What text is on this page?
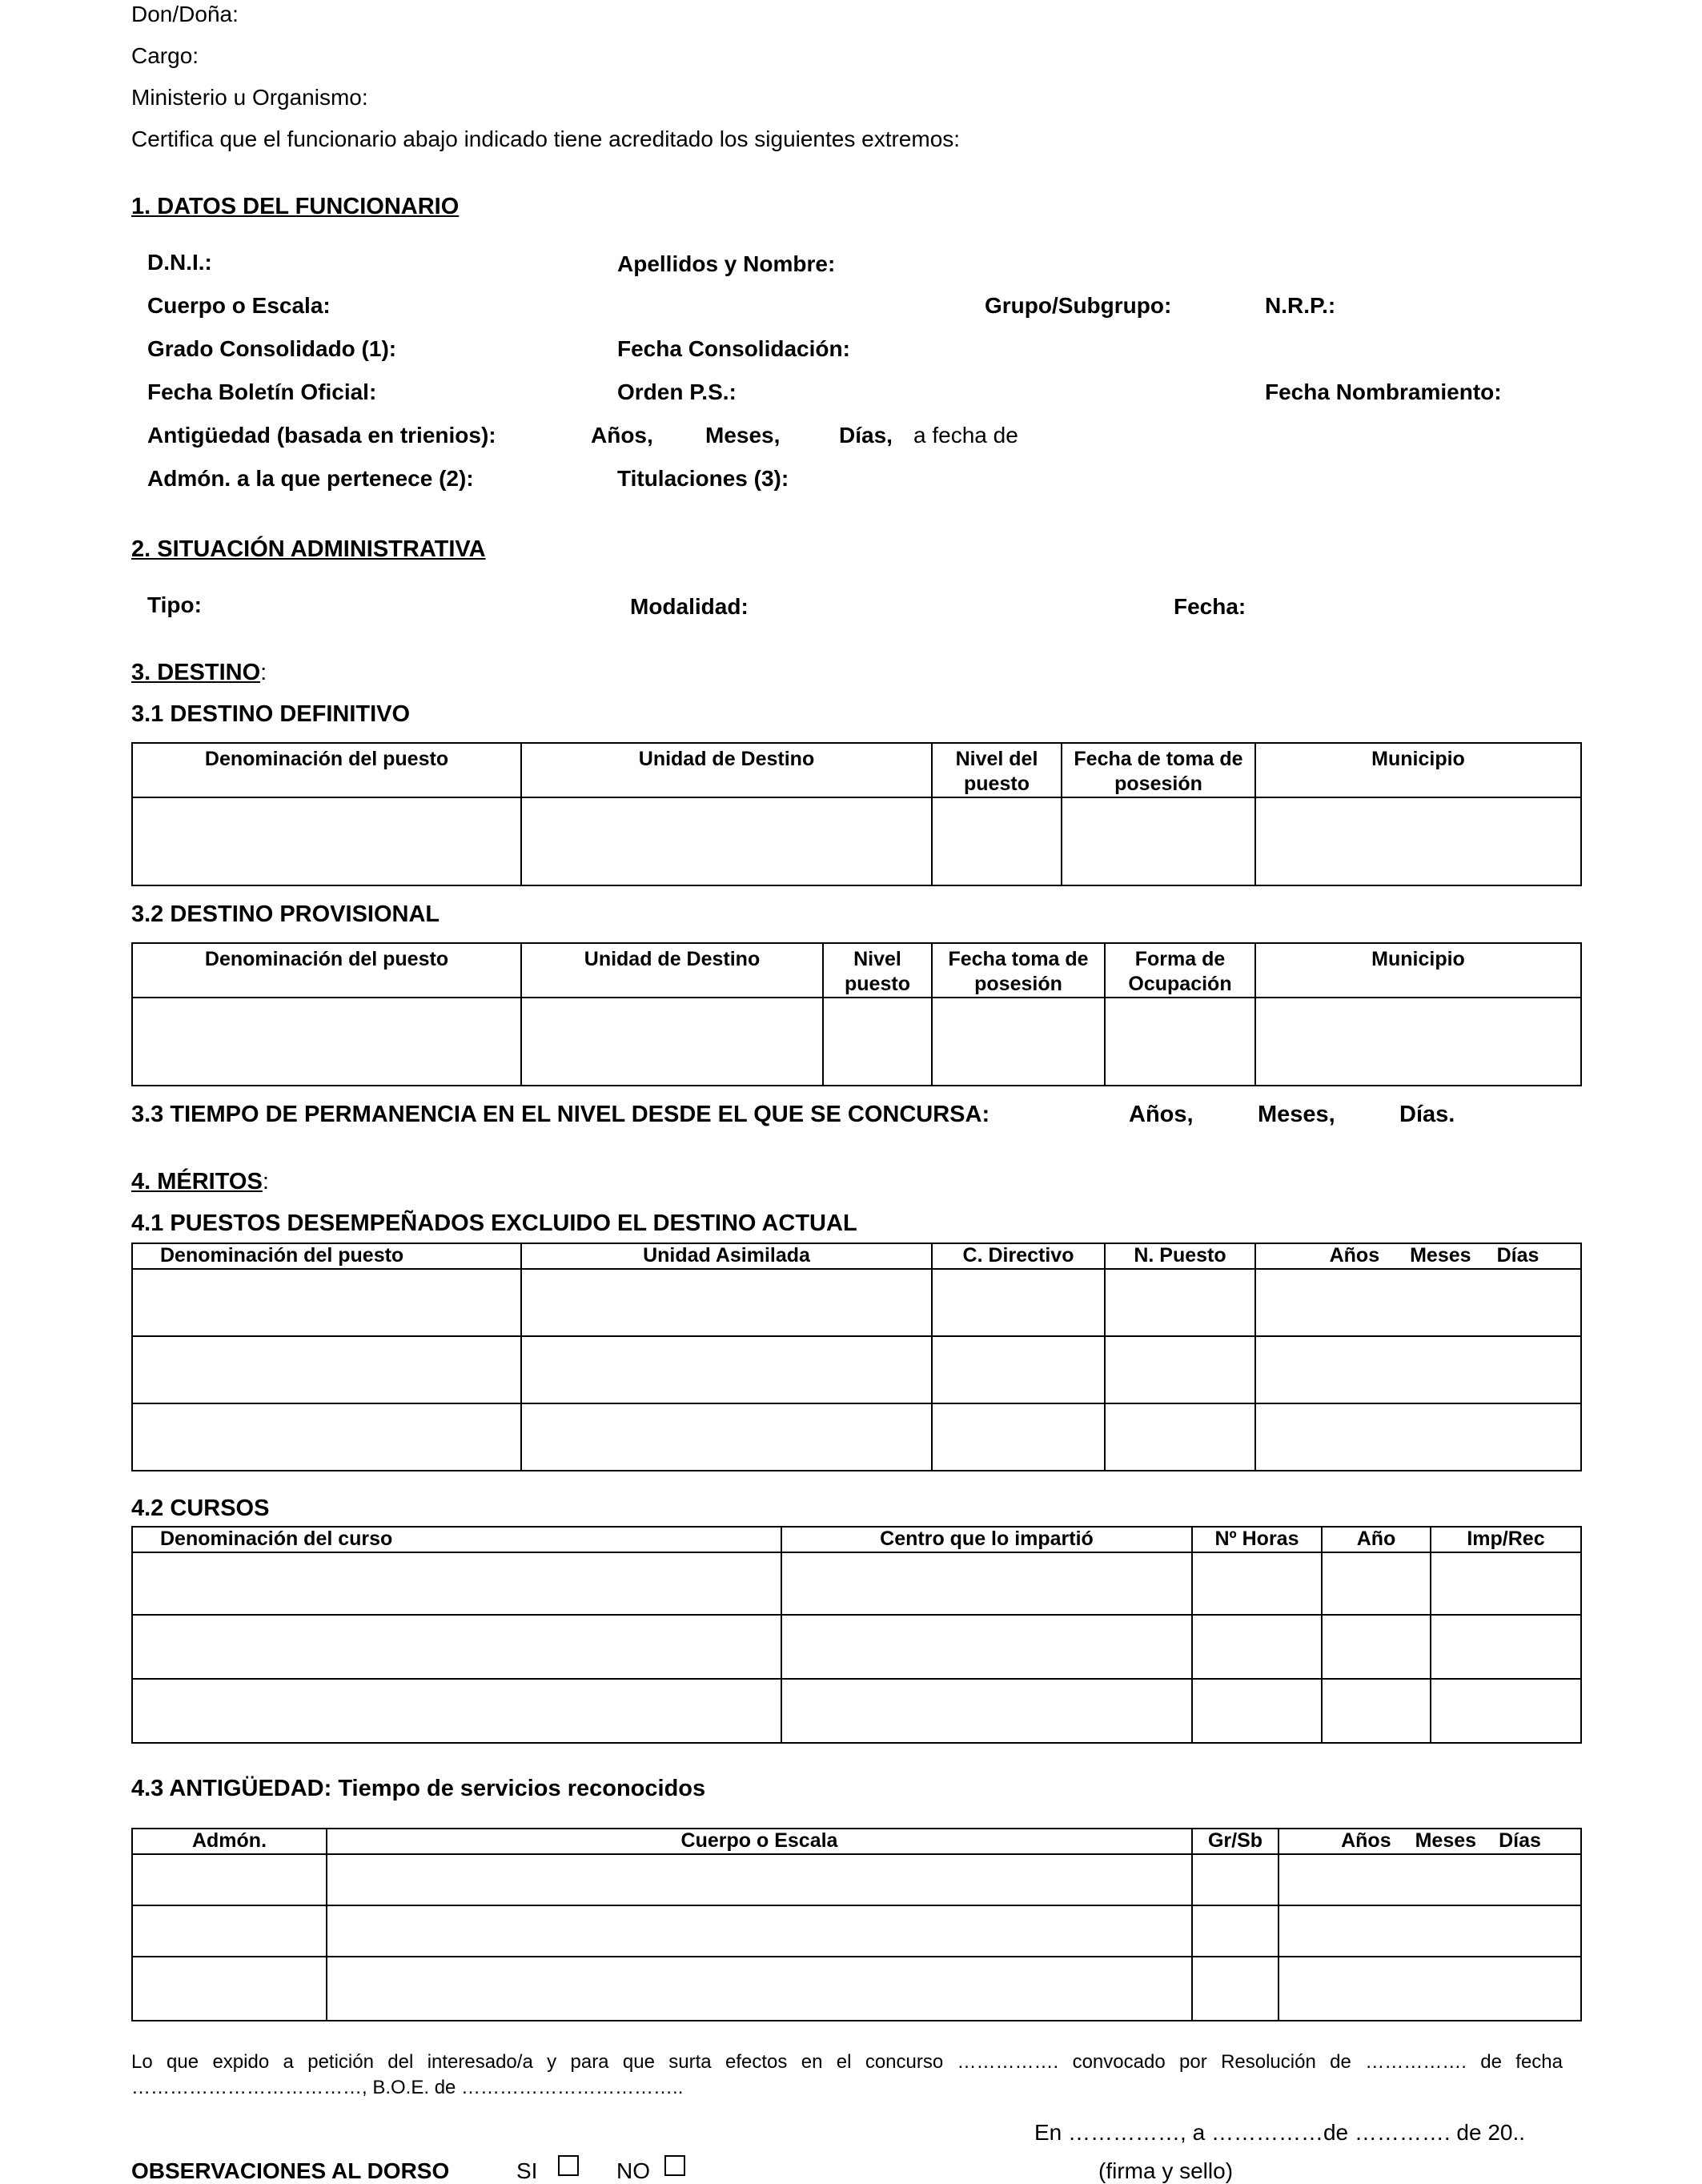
Don/Doña:
Cargo:
Ministerio u Organismo:
Certifica que el funcionario abajo indicado tiene acreditado los siguientes extremos:
1. DATOS DEL FUNCIONARIO
D.N.I.:	Apellidos y Nombre:
Cuerpo o Escala:	Grupo/Subgrupo:	N.R.P.:
Grado Consolidado (1):	Fecha Consolidación:
Fecha Boletín Oficial:	Orden P.S.:	Fecha Nombramiento:
Antigüedad (basada en trienios):	Años, Meses,	Días, a fecha de
Admón. a la que pertenece (2):	Titulaciones (3):
2. SITUACIÓN ADMINISTRATIVA
Tipo:	Modalidad:	Fecha:
3. DESTINO:
3.1 DESTINO DEFINITIVO
Denominación del puesto	Unidad de Destino	Nivel del puesto	Fecha de toma de posesión	Municipio

3.2 DESTINO PROVISIONAL
Denominación del puesto	Unidad de Destino	Nivel puesto	Fecha toma de posesión	Forma de Ocupación	Municipio

3.3 TIEMPO DE PERMANENCIA EN EL NIVEL DESDE EL QUE SE CONCURSA:	Años,	Meses,	Días.
4. MÉRITOS:
4.1 PUESTOS DESEMPEÑADOS EXCLUIDO EL DESTINO ACTUAL
Denominación del puesto	Unidad Asimilada	C. Directivo	N. Puesto	Años Meses Días

4.2 CURSOS
Denominación del curso	Centro que lo impartió	Nº Horas	Año	Imp/Rec

4.3 ANTIGÜEDAD: Tiempo de servicios reconocidos
Admón.	Cuerpo o Escala	Gr/Sb	Años Meses Días

Lo que expido a petición del interesado/a y para que surta efectos en el concurso ……………. convocado por Resolución de ……………. de fecha ………………………………, B.O.E. de ……………………………..
En ……………, a ……………de …………. de 20..
OBSERVACIONES AL DORSO	SI	NO	(firma y sello)
